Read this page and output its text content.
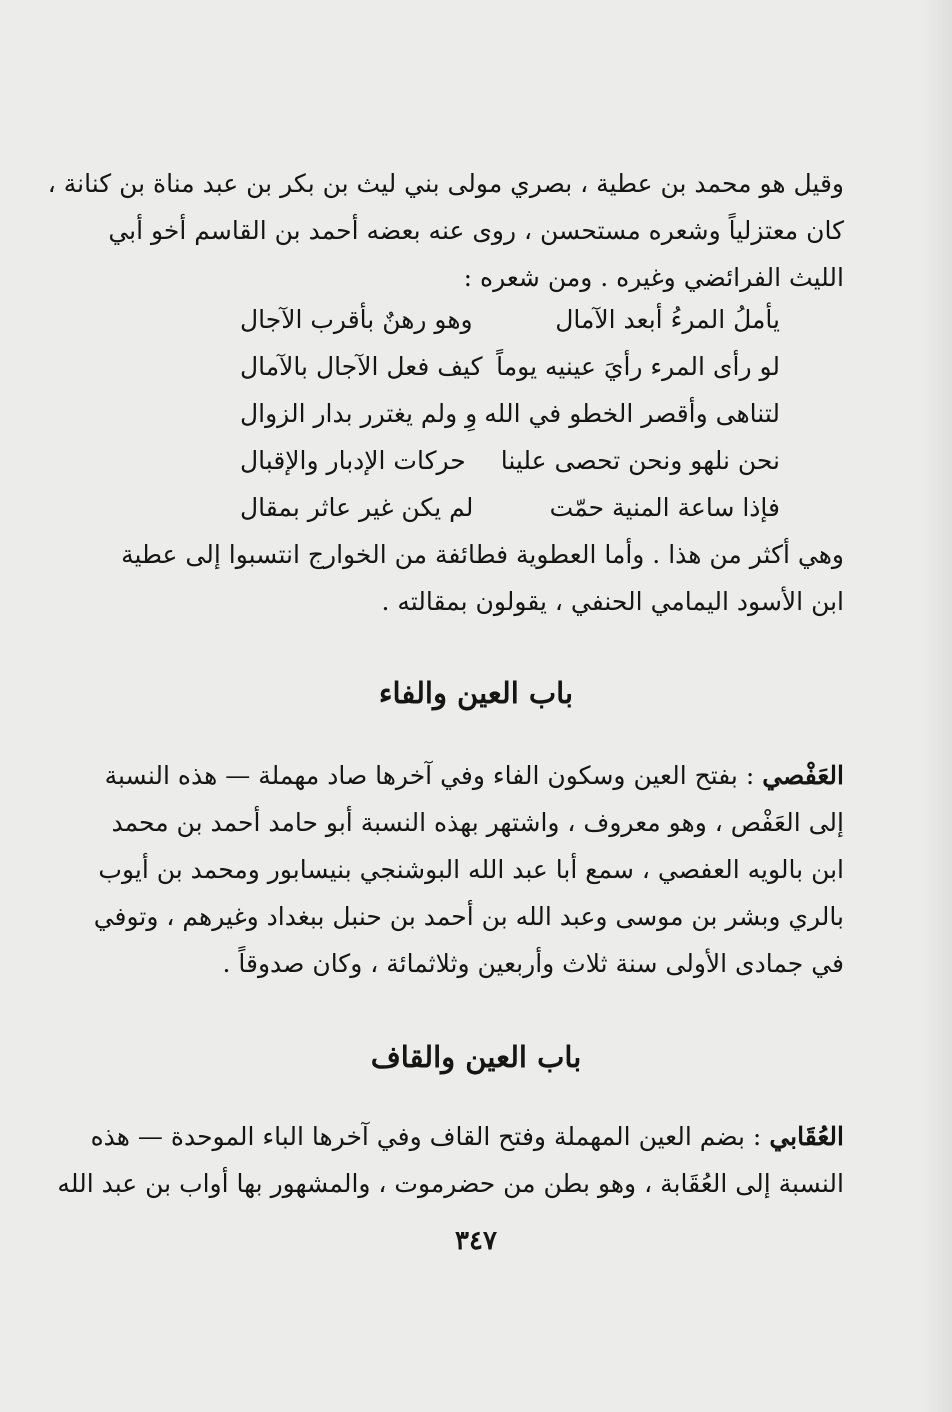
وقيل هو محمد بن عطية ، بصري مولى بني ليث بن بكر بن عبد مناة بن كنانة ،
كان معتزلياً وشعره مستحسن ، روى عنه بعضه أحمد بن القاسم أخو أبي
الليث الفرائضي وغيره . ومن شعره :
يأملُ المرءُ أبعد الآمال
وهو رهنٌ بأقرب الآجال
لو رأى المرء رأيَ عينيه يوماً
كيف فعل الآجال بالآمال
لتناهى وأقصر الخطو في الله
وِ ولم يغترر بدار الزوال
نحن نلهو ونحن تحصى علينا
حركات الإدبار والإقبال
فإذا ساعة المنية حمّت
لم يكن غير عاثر بمقال
وهي أكثر من هذا . وأما العطوية فطائفة من الخوارج انتسبوا إلى عطية
ابن الأسود اليمامي الحنفي ، يقولون بمقالته .
باب العين والفاء
العَفْصي : بفتح العين وسكون الفاء وفي آخرها صاد مهملة — هذه النسبة
إلى العَفْص ، وهو معروف ، واشتهر بهذه النسبة أبو حامد أحمد بن محمد
ابن بالويه العفصي ، سمع أبا عبد الله البوشنجي بنيسابور ومحمد بن أيوب
بالري وبشر بن موسى وعبد الله بن أحمد بن حنبل ببغداد وغيرهم ، وتوفي
في جمادى الأولى سنة ثلاث وأربعين وثلاثمائة ، وكان صدوقاً .
باب العين والقاف
العُقَابي : بضم العين المهملة وفتح القاف وفي آخرها الباء الموحدة — هذه
النسبة إلى العُقَابة ، وهو بطن من حضرموت ، والمشهور بها أواب بن عبد الله
٣٤٧
